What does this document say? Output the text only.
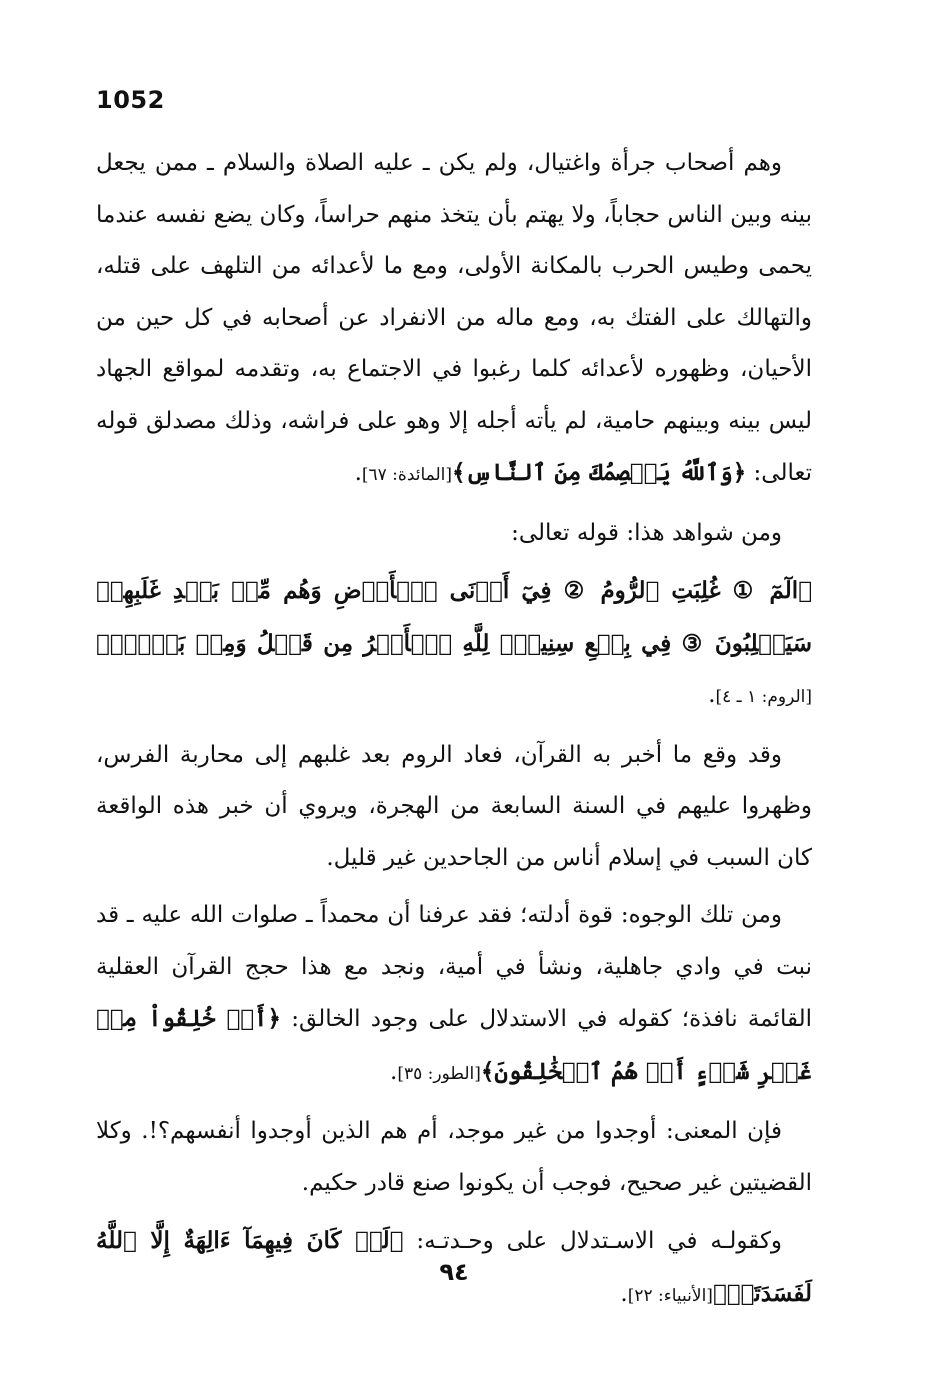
1052

وهم أصحاب جرأة واغتيال، ولم يكن ـ عليه الصلاة والسلام ـ ممن يجعل بينه وبين الناس حجاباً، ولا يهتم بأن يتخذ منهم حراساً، وكان يضع نفسه عندما يحمى وطيس الحرب بالمكانة الأولى، ومع ما لأعدائه من التلهف على قتله، والتهالك على الفتك به، ومع ماله من الانفراد عن أصحابه في كل حين من الأحيان، وظهوره لأعدائه كلما رغبوا في الاجتماع به، وتقدمه لمواقع الجهاد ليس بينه وبينهم حامية، لم يأته أجله إلا وهو على فراشه، وذلك مصدلق قوله تعالى: ﴿وَٱللَّهُ يَعۡصِمُكَ مِنَ ٱلنَّاسِ﴾[المائدة: ٦٧].

ومن شواهد هذا: قوله تعالى:

﴿الٓمٓ ① غُلِبَتِ ٱلرُّومُ ② فِيٓ أَدۡنَى ٱلۡأَرۡضِ وَهُم مِّنۢ بَعۡدِ غَلَبِهِمۡ سَيَغۡلِبُونَ ③ فِي بِضۡعِ سِنِينَۗ لِلَّهِ ٱلۡأَمۡرُ مِن قَبۡلُ وَمِنۢ بَعۡدُۚ﴾[الروم: ١ ـ ٤].

وقد وقع ما أخبر به القرآن، فعاد الروم بعد غلبهم إلى محاربة الفرس، وظهروا عليهم في السنة السابعة من الهجرة، ويروي أن خبر هذه الواقعة كان السبب في إسلام أناس من الجاحدين غير قليل.

ومن تلك الوجوه: قوة أدلته؛ فقد عرفنا أن محمداً ـ صلوات الله عليه ـ قد نبت في وادي جاهلية، ونشأ في أمية، ونجد مع هذا حجج القرآن العقلية القائمة نافذة؛ كقوله في الاستدلال على وجود الخالق: ﴿أَمۡ خُلِقُواْ مِنۡ غَيۡرِ شَيۡءٍ أَمۡ هُمُ ٱلۡخَٰلِقُونَ﴾[الطور: ٣٥].

فإن المعنى: أوجدوا من غير موجد، أم هم الذين أوجدوا أنفسهم؟!. وكلا القضيتين غير صحيح، فوجب أن يكونوا صنع قادر حكيم.

وكقولـه في الاسـتدلال على وحـدتـه: ﴿لَوۡ كَانَ فِيهِمَآ ءَالِهَةٌ إِلَّا ٱللَّهُ لَفَسَدَتَاۚ﴾[الأنبياء: ٢٢].

٩٤
